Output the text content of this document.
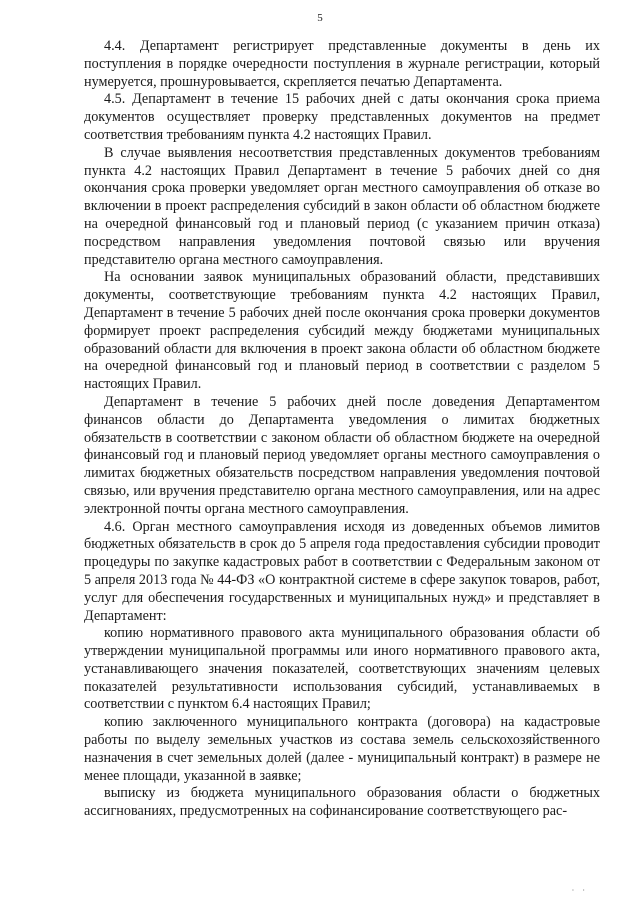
5

4.4. Департамент регистрирует представленные документы в день их поступления в порядке очередности поступления в журнале регистрации, который нумеруется, прошнуровывается, скрепляется печатью Департамента.

4.5. Департамент в течение 15 рабочих дней с даты окончания срока приема документов осуществляет проверку представленных документов на предмет соответствия требованиям пункта 4.2 настоящих Правил.

В случае выявления несоответствия представленных документов требованиям пункта 4.2 настоящих Правил Департамент в течение 5 рабочих дней со дня окончания срока проверки уведомляет орган местного самоуправления об отказе во включении в проект распределения субсидий в закон области об областном бюджете на очередной финансовый год и плановый период (с указанием причин отказа) посредством направления уведомления почтовой связью или вручения представителю органа местного самоуправления.

На основании заявок муниципальных образований области, представивших документы, соответствующие требованиям пункта 4.2 настоящих Правил, Департамент в течение 5 рабочих дней после окончания срока проверки документов формирует проект распределения субсидий между бюджетами муниципальных образований области для включения в проект закона области об областном бюджете на очередной финансовый год и плановый период в соответствии с разделом 5 настоящих Правил.

Департамент в течение 5 рабочих дней после доведения Департаментом финансов области до Департамента уведомления о лимитах бюджетных обязательств в соответствии с законом области об областном бюджете на очередной финансовый год и плановый период уведомляет органы местного самоуправления о лимитах бюджетных обязательств посредством направления уведомления почтовой связью, или вручения представителю органа местного самоуправления, или на адрес электронной почты органа местного самоуправления.

4.6. Орган местного самоуправления исходя из доведенных объемов лимитов бюджетных обязательств в срок до 5 апреля года предоставления субсидии проводит процедуры по закупке кадастровых работ в соответствии с Федеральным законом от 5 апреля 2013 года № 44-ФЗ «О контрактной системе в сфере закупок товаров, работ, услуг для обеспечения государственных и муниципальных нужд» и представляет в Департамент:

копию нормативного правового акта муниципального образования области об утверждении муниципальной программы или иного нормативного правового акта, устанавливающего значения показателей, соответствующих значениям целевых показателей результативности использования субсидий, устанавливаемых в соответствии с пунктом 6.4 настоящих Правил;

копию заключенного муниципального контракта (договора) на кадастровые работы по выделу земельных участков из состава земель сельскохозяйственного назначения в счет земельных долей (далее - муниципальный контракт) в размере не менее площади, указанной в заявке;

выписку из бюджета муниципального образования области о бюджетных ассигнованиях, предусмотренных на софинансирование соответствующего рас-

· ·
